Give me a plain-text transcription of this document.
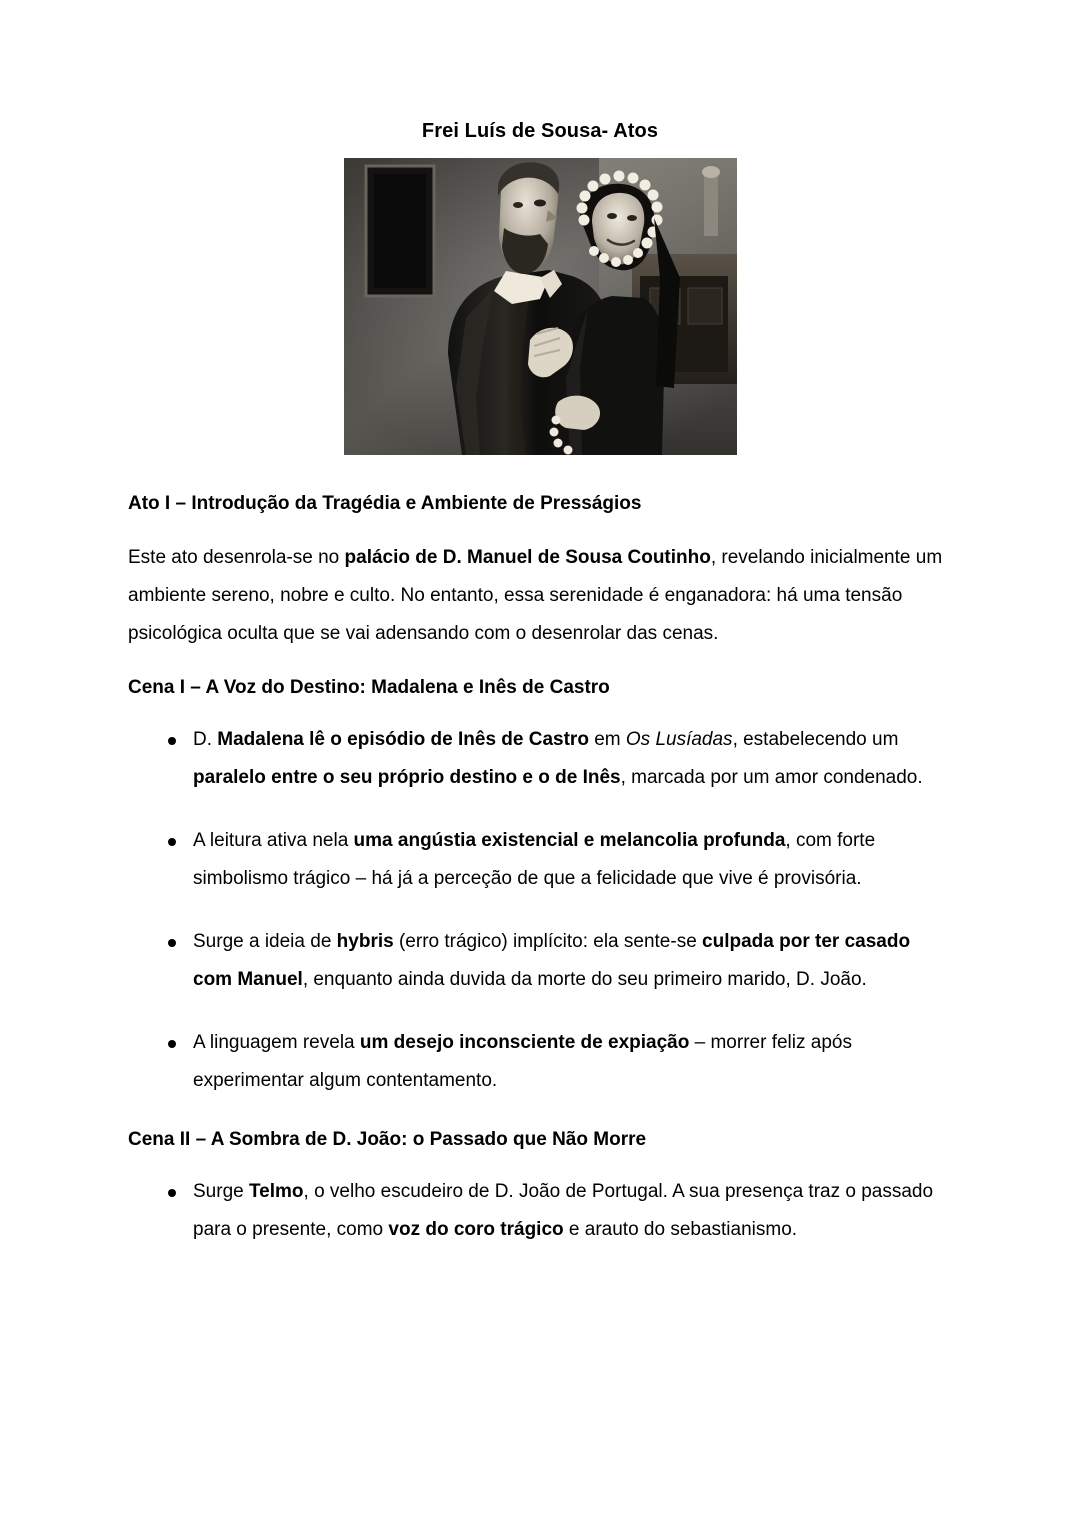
Frei Luís de Sousa- Atos
Ato I – Introdução da Tragédia e Ambiente de Presságios

Este ato desenrola-se no palácio de D. Manuel de Sousa Coutinho, revelando inicialmente um ambiente sereno, nobre e culto. No entanto, essa serenidade é enganadora: há uma tensão psicológica oculta que se vai adensando com o desenrolar das cenas.

Cena I – A Voz do Destino: Madalena e Inês de Castro
D. Madalena lê o episódio de Inês de Castro em Os Lusíadas, estabelecendo um paralelo entre o seu próprio destino e o de Inês, marcada por um amor condenado.
A leitura ativa nela uma angústia existencial e melancolia profunda, com forte simbolismo trágico – há já a perceção de que a felicidade que vive é provisória.
Surge a ideia de hybris (erro trágico) implícito: ela sente-se culpada por ter casado com Manuel, enquanto ainda duvida da morte do seu primeiro marido, D. João.
A linguagem revela um desejo inconsciente de expiação – morrer feliz após experimentar algum contentamento.
Cena II – A Sombra de D. João: o Passado que Não Morre
Surge Telmo, o velho escudeiro de D. João de Portugal. A sua presença traz o passado para o presente, como voz do coro trágico e arauto do sebastianismo.
